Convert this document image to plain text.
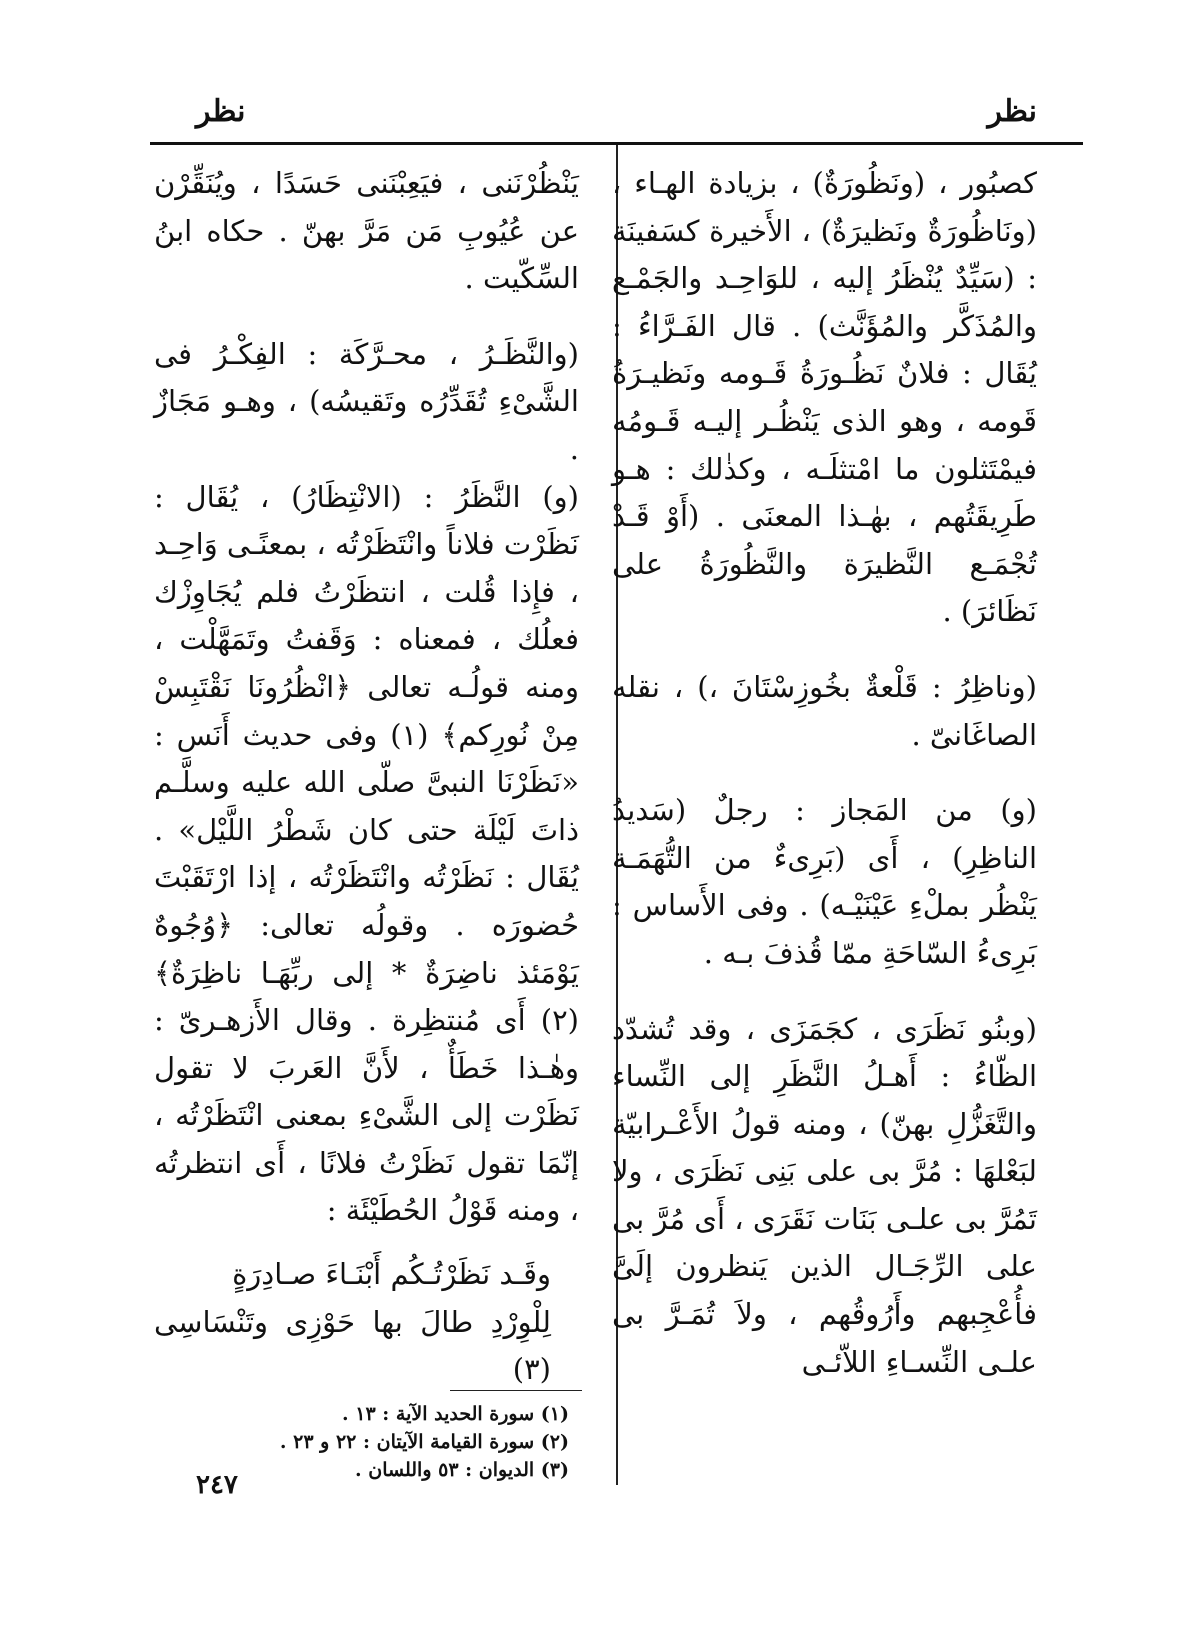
نظر
نظر

كصبُور ، (ونَظُورَةٌ) ، بزيادة الهـاء ، (ونَاظُورَةٌ ونَظيرَةٌ) ، الأَخيرة كسَفينَة : (سَيِّدٌ يُنْظَرُ إليه ، للوَاحِـد والجَمْـع والمُذَكَّر والمُؤَنَّث) . قال الفَـرَّاءُ : يُقَال : فلانٌ نَظُـورَةُ قَـومه ونَظيـرَةُ قَومه ، وهو الذى يَنْظُـر إليـه قَـومُه فيمْتَثلون ما امْتثلَـه ، وكذٰلك : هـو طَرِيقَتُهم ، بهٰـذا المعنَى . (أَوْ قَـدْ تُجْمَـع النَّظيرَة والنَّظُورَةُ على نَظَائرَ) .

(وناظِرُ : قَلْعةٌ بخُوزِسْتَانَ ،) ، نقله الصاغَانىّ .

(و) من المَجاز : رجلٌ (سَديدُ الناظِرِ) ، أَى (بَرِىءٌ من التُّهَمَـة يَنْظُر بملْءِ عَيْنَيْـه) . وفى الأَساس : بَرِىءُ السّاحَةِ ممّا قُذفَ بـه .

(وبنُو نَظَرَى ، كجَمَزَى ، وقد تُشدّد الظّاءُ : أَهـلُ النَّظَرِ إلى النِّساء والتَّغَزُّلِ بهنّ) ، ومنه قولُ الأَعْـرابيّة لبَعْلهَا : مُرَّ بى على بَنِى نَظَرَى ، ولا تَمُرَّ بى علـى بَنَات نَقَرَى ، أَى مُرَّ بى على الرِّجَـال الذين يَنظرون إلَىَّ فأُعْجِبهم وأَرُوقُهم ، ولاَ تُمَـرَّ بى علـى النِّسـاءِ اللاّئـى

يَنْظُرْنَنى ، فيَعِبْنَنى حَسَدًا ، ويُنَقِّرْن عن عُيُوبِ مَن مَرَّ بهنّ . حكاه ابنُ السِّكّيت .

(والنَّظَـرُ ، محـرَّكَة : الفِكْـرُ فى الشَّىْءِ تُقَدِّرُه وتَقيسُه) ، وهـو مَجَازٌ .

(و) النَّظَرُ : (الانْتِظَارُ) ، يُقَال : نَظَرْت فلاناً وانْتَظَرْتُه ، بمعنًـى وَاحِـد ، فإِذا قُلت ، انتظَرْتُ فلم يُجَاوِزْك فعلُك ، فمعناه : وَقَفتُ وتَمَهَّلْت ، ومنه قولُـه تعالى ﴿انْظُرُونَا نَقْتَبِسْ مِنْ نُورِكم﴾ (١) وفى حديث أَنَس : «نَظَرْنَا النبىَّ صلّى الله عليه وسلَّـم ذاتَ لَيْلَة حتى كان شَطْرُ اللَّيْل» . يُقَال : نَظَرْتُه وانْتَظَرْتُه ، إذا ارْتَقَبْتَ حُضورَه . وقولُه تعالى: ﴿وُجُوهٌ يَوْمَئذ ناضِرَةٌ * إلى ربِّهَـا ناظِرَةٌ﴾ (٢) أَى مُنتظِرة . وقال الأَزهـرىّ : وهٰـذا خَطَأٌ ، لأَنَّ العَربَ لا تقول نَظَرْت إلى الشَّىْءِ بمعنى انْتَظَرْتُه ، إنّمَا تقول نَظَرْتُ فلانًا ، أَى انتظرتُه ، ومنه قَوْلُ الحُطَيْئَة :

وقَـد نَظَرْتُـكُم أَبْنَـاءَ صـادِرَةٍ
لِلْوِرْدِ طالَ بها حَوْزِى وتَنْسَاسِى (٣)
(١) سورة الحديد الآية : ١٣ .
(٢) سورة القيامة الآيتان : ٢٢ و ٢٣ .
(٣) الديوان : ٥٣ واللسان .
٢٤٧
